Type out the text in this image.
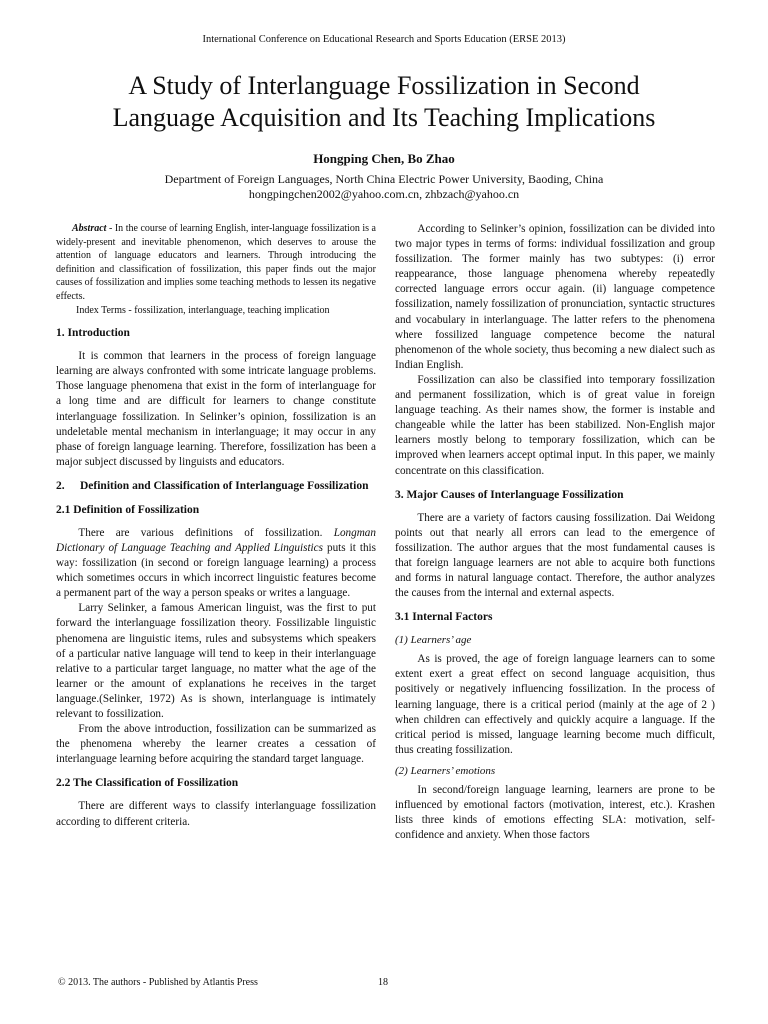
International Conference on Educational Research and Sports Education (ERSE 2013)
A Study of Interlanguage Fossilization in Second
Language Acquisition and Its Teaching Implications
Hongping Chen, Bo Zhao
Department of Foreign Languages, North China Electric Power University, Baoding, China
hongpingchen2002@yahoo.com.cn, zhbzach@yahoo.cn

Abstract - In the course of learning English, inter-language fossilization is a widely-present and inevitable phenomenon, which deserves to arouse the attention of language educators and learners. Through introducing the definition and classification of fossilization, this paper finds out the major causes of fossilization and implies some teaching methods to lessen its negative effects.

Index Terms - fossilization, interlanguage, teaching implication

1. Introduction

It is common that learners in the process of foreign language learning are always confronted with some intricate language problems. Those language phenomena that exist in the form of interlanguage for a long time and are difficult for learners to change constitute interlanguage fossilization. In Selinker’s opinion, fossilization is an undeletable mental mechanism in interlanguage; it may occur in any phase of foreign language learning. Therefore, fossilization has been a major subject discussed by linguists and educators.

2.	Definition and Classification of Interlanguage Fossilization
2.1 Definition of Fossilization

There are various definitions of fossilization. Longman Dictionary of Language Teaching and Applied Linguistics puts it this way: fossilization (in second or foreign language learning) a process which sometimes occurs in which incorrect linguistic features become a permanent part of the way a person speaks or writes a language.

Larry Selinker, a famous American linguist, was the first to put forward the interlanguage fossilization theory. Fossilizable linguistic phenomena are linguistic items, rules and subsystems which speakers of a particular native language will tend to keep in their interlanguage relative to a particular target language, no matter what the age of the learner or the amount of explanations he receives in the target language.(Selinker, 1972) As is shown, interlanguage is intimately relevant to fossilization.

From the above introduction, fossilization can be summarized as the phenomena whereby the learner creates a cessation of interlanguage learning before acquiring the standard target language.

2.2 The Classification of Fossilization

There are different ways to classify interlanguage fossilization according to different criteria.

According to Selinker’s opinion, fossilization can be divided into two major types in terms of forms: individual fossilization and group fossilization. The former mainly has two subtypes: (i) error reappearance, those language phenomena whereby repeatedly corrected language errors occur again. (ii) language competence fossilization, namely fossilization of pronunciation, syntactic structures and vocabulary in interlanguage. The latter refers to the phenomena where fossilized language competence become the natural phenomenon of the whole society, thus becoming a new dialect such as Indian English.

Fossilization can also be classified into temporary fossilization and permanent fossilization, which is of great value in foreign language teaching. As their names show, the former is instable and changeable while the latter has been stabilized. Non-English major learners mostly belong to temporary fossilization, which can be improved when learners accept optimal input. In this paper, we mainly concentrate on this classification.

3. Major Causes of Interlanguage Fossilization

There are a variety of factors causing fossilization. Dai Weidong points out that nearly all errors can lead to the emergence of fossilization. The author argues that the most fundamental causes is that foreign language learners are not able to acquire both functions and forms in natural language contact. Therefore, the author analyzes the causes from the internal and external aspects.

3.1 Internal Factors
(1) Learners’ age

As is proved, the age of foreign language learners can to some extent exert a great effect on second language acquisition, thus positively or negatively influencing fossilization. In the process of learning language, there is a critical period (mainly at the age of 2 ) when children can effectively and quickly acquire a language. If the critical period is missed, language learning become much difficult, thus creating fossilization.

(2) Learners’ emotions

In second/foreign language learning, learners are prone to be influenced by emotional factors (motivation, interest, etc.). Krashen lists three kinds of emotions effecting SLA: motivation, self-confidence and anxiety. When those factors

© 2013. The authors - Published by Atlantis Press	18
